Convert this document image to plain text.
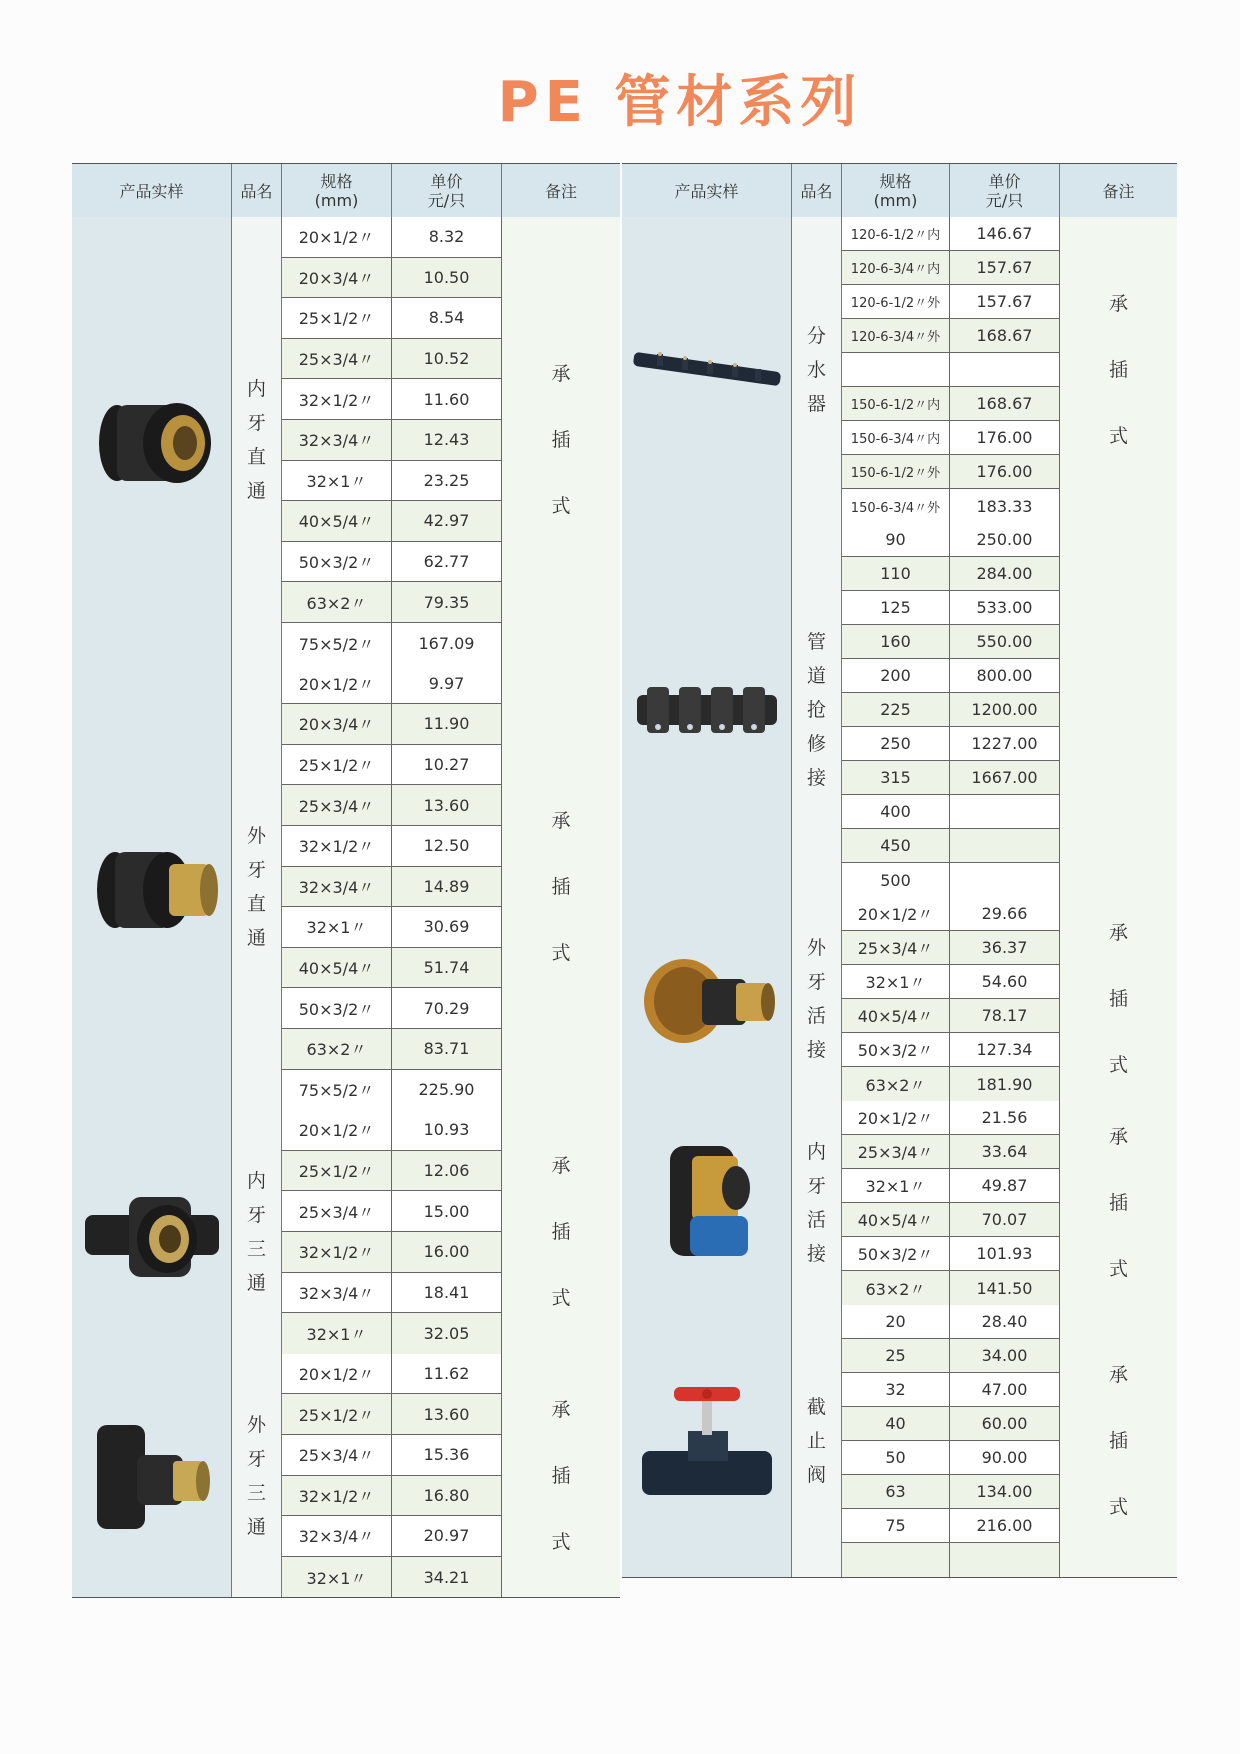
PE 管材系列
产品实样	品名	规格
(mm)
单价
元/只	备注
内
牙
直
通
20×1/2〃	8.32
20×3/4〃	10.50
25×1/2〃	8.54
25×3/4〃	10.52
32×1/2〃	11.60
32×3/4〃	12.43
32×1〃	23.25
40×5/4〃	42.97
50×3/2〃	62.77
63×2〃	79.35
75×5/2〃	167.09
承
插
式
外
牙
直
通
20×1/2〃	9.97
20×3/4〃	11.90
25×1/2〃	10.27
25×3/4〃	13.60
32×1/2〃	12.50
32×3/4〃	14.89
32×1〃	30.69
40×5/4〃	51.74
50×3/2〃	70.29
63×2〃	83.71
75×5/2〃	225.90
承
插
式
内
牙
三
通
20×1/2〃	10.93
25×1/2〃	12.06
25×3/4〃	15.00
32×1/2〃	16.00
32×3/4〃	18.41
32×1〃	32.05
承
插
式
外
牙
三
通
20×1/2〃	11.62
25×1/2〃	13.60
25×3/4〃	15.36
32×1/2〃	16.80
32×3/4〃	20.97
32×1〃	34.21
承
插
式
产品实样	品名	规格
(mm)
单价
元/只	备注
分
水
器
120-6-1/2〃内	146.67
120-6-3/4〃内	157.67
120-6-1/2〃外	157.67
120-6-3/4〃外	168.67
150-6-1/2〃内	168.67
150-6-3/4〃内	176.00
150-6-1/2〃外	176.00
150-6-3/4〃外	183.33
承
插
式
管
道
抢
修
接
90	250.00
110	284.00
125	533.00
160	550.00
200	800.00
225	1200.00
250	1227.00
315	1667.00
400
450
500
外
牙
活
接
20×1/2〃	29.66
25×3/4〃	36.37
32×1〃	54.60
40×5/4〃	78.17
50×3/2〃	127.34
63×2〃	181.90
承
插
式
内
牙
活
接
20×1/2〃	21.56
25×3/4〃	33.64
32×1〃	49.87
40×5/4〃	70.07
50×3/2〃	101.93
63×2〃	141.50
承
插
式
截
止
阀
20	28.40
25	34.00
32	47.00
40	60.00
50	90.00
63	134.00
75	216.00
承
插
式
